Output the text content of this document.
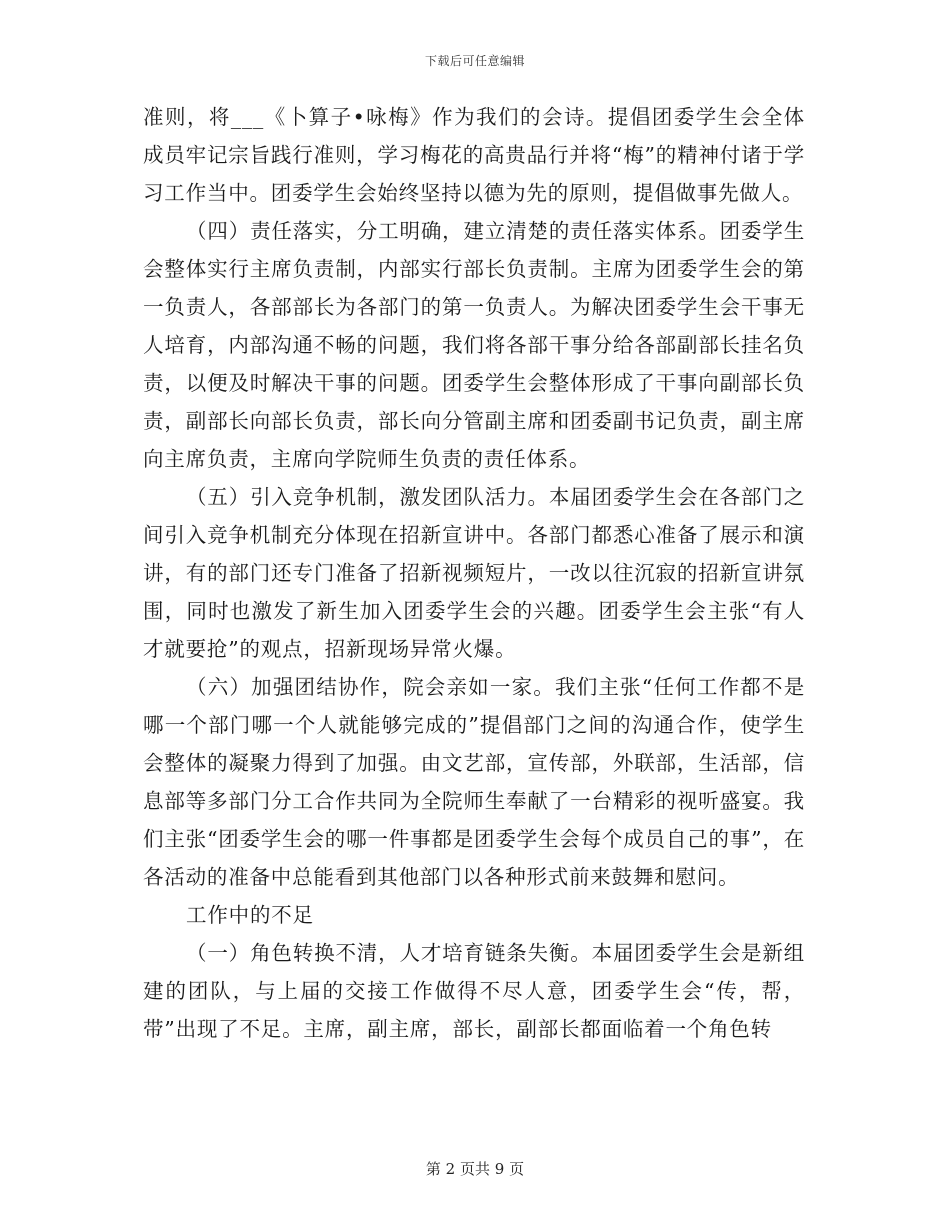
下载后可任意编辑

准则，将___《卜算子•咏梅》作为我们的会诗。提倡团委学生会全体成员牢记宗旨践行准则，学习梅花的高贵品行并将“梅”的精神付诸于学习工作当中。团委学生会始终坚持以德为先的原则，提倡做事先做人。

（四）责任落实，分工明确，建立清楚的责任落实体系。团委学生会整体实行主席负责制，内部实行部长负责制。主席为团委学生会的第一负责人，各部部长为各部门的第一负责人。为解决团委学生会干事无人培育，内部沟通不畅的问题，我们将各部干事分给各部副部长挂名负责，以便及时解决干事的问题。团委学生会整体形成了干事向副部长负责，副部长向部长负责，部长向分管副主席和团委副书记负责，副主席向主席负责，主席向学院师生负责的责任体系。

（五）引入竞争机制，激发团队活力。本届团委学生会在各部门之间引入竞争机制充分体现在招新宣讲中。各部门都悉心准备了展示和演讲，有的部门还专门准备了招新视频短片，一改以往沉寂的招新宣讲氛围，同时也激发了新生加入团委学生会的兴趣。团委学生会主张“有人才就要抢”的观点，招新现场异常火爆。

（六）加强团结协作，院会亲如一家。我们主张“任何工作都不是哪一个部门哪一个人就能够完成的”提倡部门之间的沟通合作，使学生会整体的凝聚力得到了加强。由文艺部，宣传部，外联部，生活部，信息部等多部门分工合作共同为全院师生奉献了一台精彩的视听盛宴。我们主张“团委学生会的哪一件事都是团委学生会每个成员自己的事”，在各活动的准备中总能看到其他部门以各种形式前来鼓舞和慰问。

工作中的不足

（一）角色转换不清，人才培育链条失衡。本届团委学生会是新组建的团队，与上届的交接工作做得不尽人意，团委学生会“传，帮，带”出现了不足。主席，副主席，部长，副部长都面临着一个角色转

第 2 页共 9 页
